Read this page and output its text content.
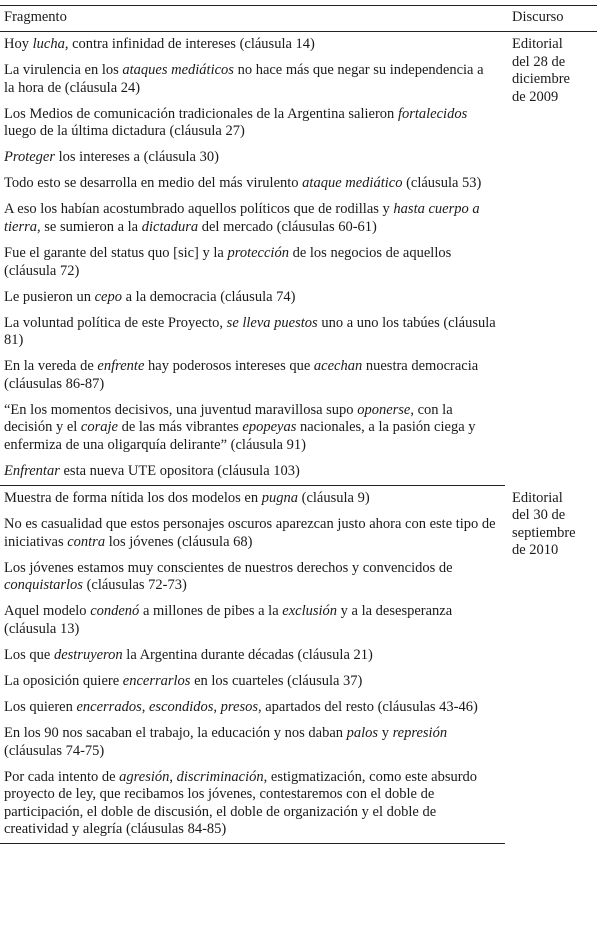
Fragmento	Discurso
Hoy lucha, contra infinidad de intereses (cláusula 14)	Editorial del 28 de diciembre de 2009

La virulencia en los ataques mediáticos no hace más que negar su independencia a la hora de (cláusula 24)	
Los Medios de comunicación tradicionales de la Argentina salieron fortalecidos luego de la última dictadura (cláusula 27)	
Proteger los intereses a (cláusula 30)	
Todo esto se desarrolla en medio del más virulento ataque mediático (cláusula 53)	
A eso los habían acostumbrado aquellos políticos que de rodillas y hasta cuerpo a tierra, se sumieron a la dictadura del mercado (cláusulas 60-61)	
Fue el garante del status quo [sic] y la protección de los negocios de aquellos (cláusula 72)	
Le pusieron un cepo a la democracia (cláusula 74)	
La voluntad política de este Proyecto, se lleva puestos uno a uno los tabúes (cláusula 81)	
En la vereda de enfrente hay poderosos intereses que acechan nuestra democracia (cláusulas 86-87)	
“En los momentos decisivos, una juventud maravillosa supo oponerse, con la decisión y el coraje de las más vibrantes epopeyas nacionales, a la pasión ciega y enfermiza de una oligarquía delirante” (cláusula 91)	
Enfrentar esta nueva UTE opositora (cláusula 103)	
Muestra de forma nítida los dos modelos en pugna (cláusula 9)	Editorial del 30 de septiembre de 2010

No es casualidad que estos personajes oscuros aparezcan justo ahora con este tipo de iniciativas contra los jóvenes (cláusula 68)	
Los jóvenes estamos muy conscientes de nuestros derechos y convencidos de conquistarlos (cláusulas 72-73)	
Aquel modelo condenó a millones de pibes a la exclusión y a la desesperanza (cláusula 13)	
Los que destruyeron la Argentina durante décadas (cláusula 21)	
La oposición quiere encerrarlos en los cuarteles (cláusula 37)	
Los quieren encerrados, escondidos, presos, apartados del resto (cláusulas 43-46)	
En los 90 nos sacaban el trabajo, la educación y nos daban palos y represión (cláusulas 74-75)	
Por cada intento de agresión, discriminación, estigmatización, como este absurdo proyecto de ley, que recibamos los jóvenes, contestaremos con el doble de participación, el doble de discusión, el doble de organización y el doble de creatividad y alegría (cláusulas 84-85)	
